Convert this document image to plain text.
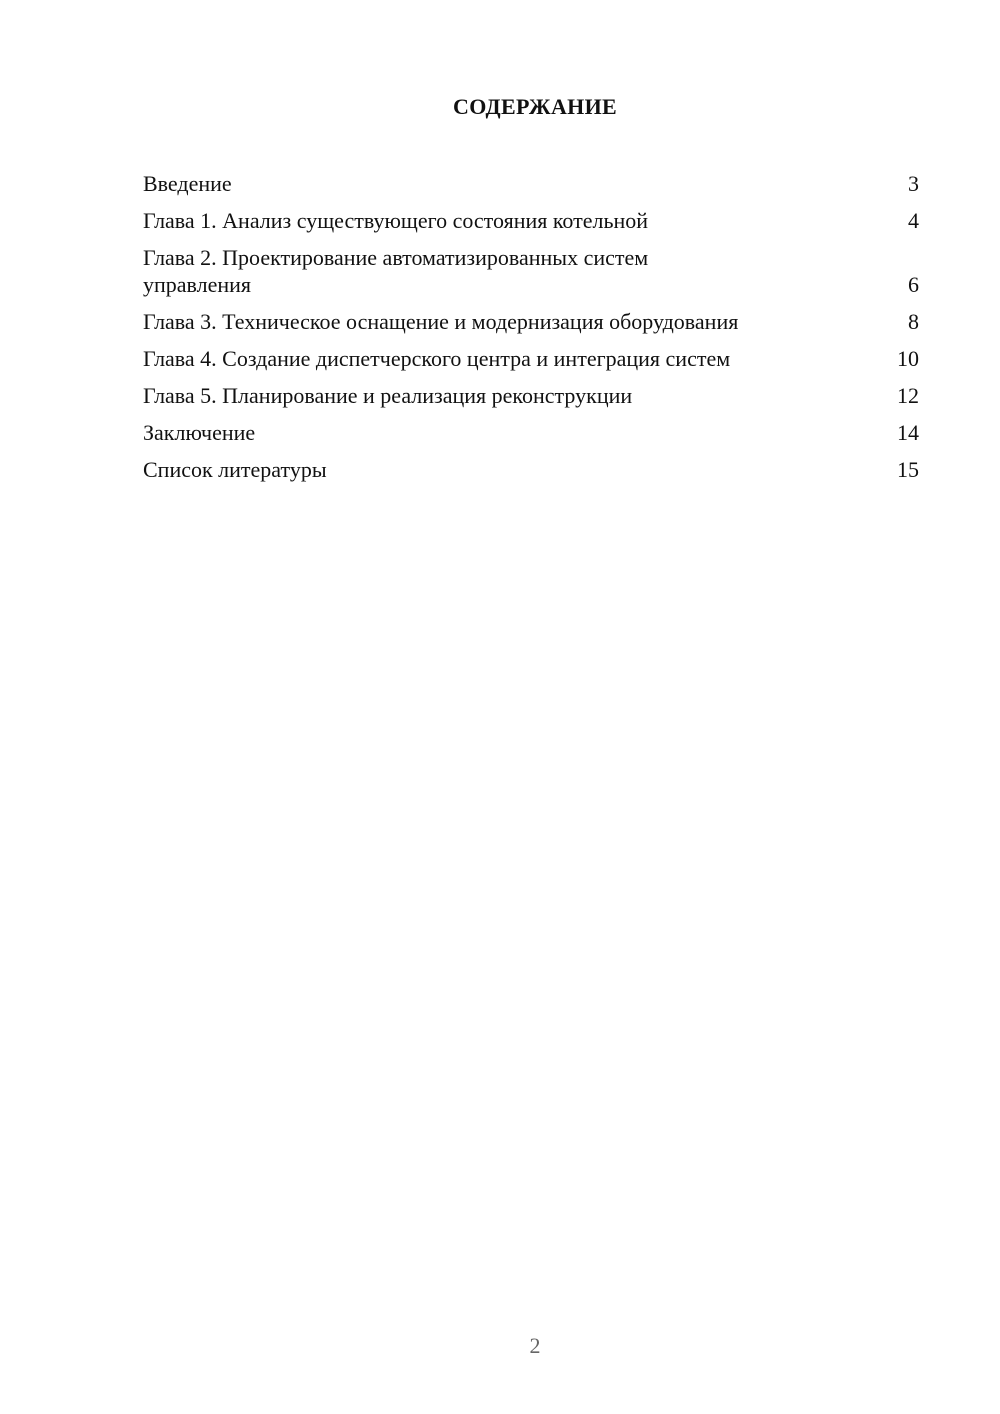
СОДЕРЖАНИЕ
Введение	3
Глава 1. Анализ существующего состояния котельной	4
Глава 2. Проектирование автоматизированных систем управления	6
Глава 3. Техническое оснащение и модернизация оборудования	8
Глава 4. Создание диспетчерского центра и интеграция систем	10
Глава 5. Планирование и реализация реконструкции	12
Заключение	14
Список литературы	15
2
